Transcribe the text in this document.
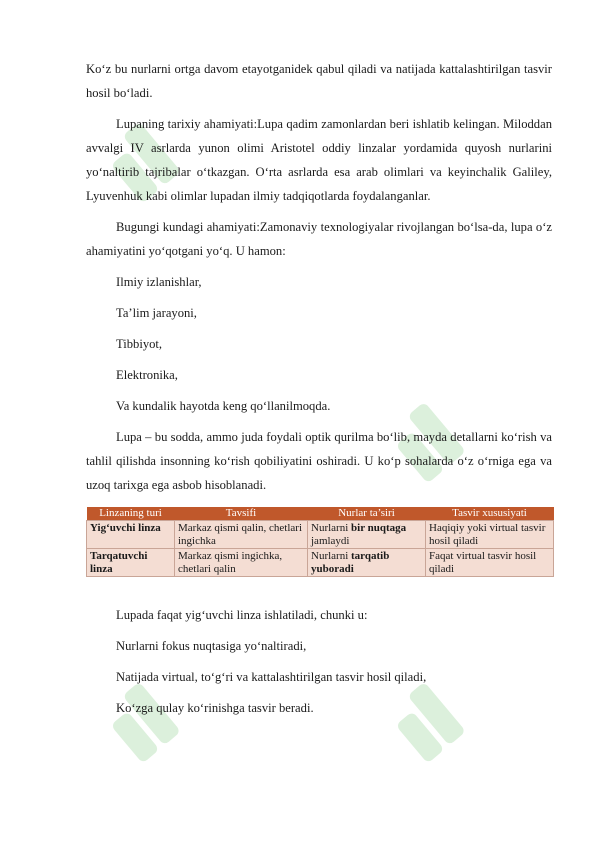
Ko‘z bu nurlarni ortga davom etayotganidek qabul qiladi va natijada kattalashtirilgan tasvir hosil bo‘ladi.

Lupaning tarixiy ahamiyati:Lupa qadim zamonlardan beri ishlatib kelingan. Miloddan avvalgi IV asrlarda yunon olimi Aristotel oddiy linzalar yordamida quyosh nurlarini yo‘naltirib tajribalar o‘tkazgan. O‘rta asrlarda esa arab olimlari va keyinchalik Galiley, Lyuvenhuk kabi olimlar lupadan ilmiy tadqiqotlarda foydalanganlar.

Bugungi kundagi ahamiyati:Zamonaviy texnologiyalar rivojlangan bo‘lsa-da, lupa o‘z ahamiyatini yo‘qotgani yo‘q. U hamon:

Ilmiy izlanishlar,

Ta’lim jarayoni,

Tibbiyot,

Elektronika,

Va kundalik hayotda keng qo‘llanilmoqda.

Lupa – bu sodda, ammo juda foydali optik qurilma bo‘lib, mayda detallarni ko‘rish va tahlil qilishda insonning ko‘rish qobiliyatini oshiradi. U ko‘p sohalarda o‘z o‘rniga ega va uzoq tarixga ega asbob hisoblanadi.

Linzaning turi	Tavsifi	Nurlar ta’siri	Tasvir xususiyati
Yig‘uvchi linza	Markaz qismi qalin, chetlari ingichka	Nurlarni bir nuqtaga jamlaydi	Haqiqiy yoki virtual tasvir hosil qiladi
Tarqatuvchi linza	Markaz qismi ingichka, chetlari qalin	Nurlarni tarqatib yuboradi	Faqat virtual tasvir hosil qiladi

Lupada faqat yig‘uvchi linza ishlatiladi, chunki u:

Nurlarni fokus nuqtasiga yo‘naltiradi,

Natijada virtual, to‘g‘ri va kattalashtirilgan tasvir hosil qiladi,

Ko‘zga qulay ko‘rinishga tasvir beradi.
